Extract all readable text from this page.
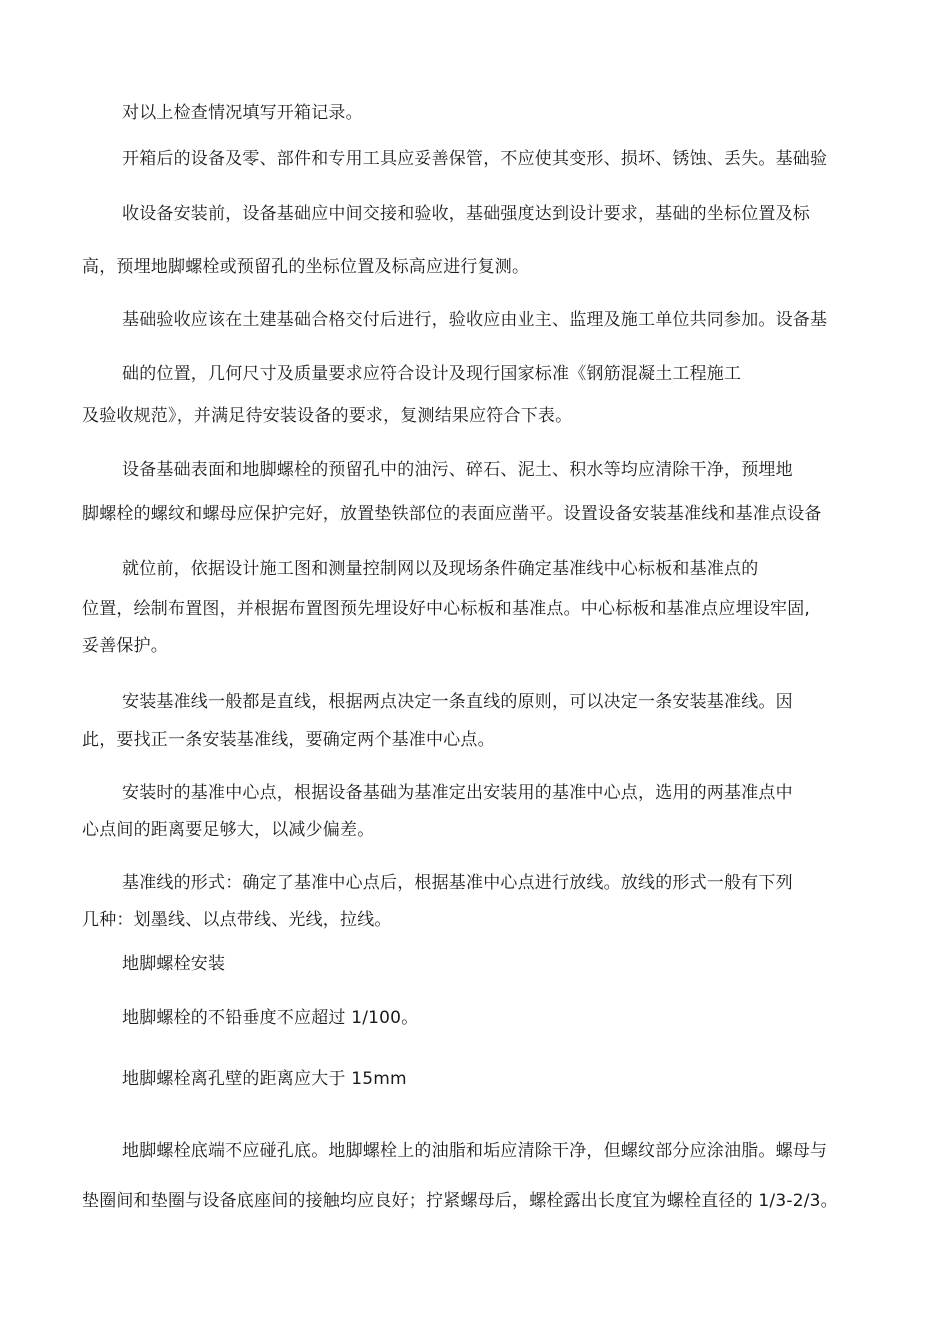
对以上检查情况填写开箱记录。
开箱后的设备及零、部件和专用工具应妥善保管，不应使其变形、损坏、锈蚀、丢失。基础验
收设备安装前，设备基础应中间交接和验收，基础强度达到设计要求，基础的坐标位置及标
高，预埋地脚螺栓或预留孔的坐标位置及标高应进行复测。
基础验收应该在土建基础合格交付后进行，验收应由业主、监理及施工单位共同参加。设备基
础的位置，几何尺寸及质量要求应符合设计及现行国家标准《钢筋混凝土工程施工
及验收规范》，并满足待安装设备的要求，复测结果应符合下表。
设备基础表面和地脚螺栓的预留孔中的油污、碎石、泥土、积水等均应清除干净，预埋地
脚螺栓的螺纹和螺母应保护完好，放置垫铁部位的表面应凿平。设置设备安装基准线和基准点设备
就位前，依据设计施工图和测量控制网以及现场条件确定基准线中心标板和基准点的
位置，绘制布置图，并根据布置图预先埋设好中心标板和基准点。中心标板和基准点应埋设牢固,
妥善保护。
安装基准线一般都是直线，根据两点决定一条直线的原则，可以决定一条安装基准线。因
此，要找正一条安装基准线，要确定两个基准中心点。
安装时的基准中心点，根据设备基础为基准定出安装用的基准中心点，选用的两基准点中
心点间的距离要足够大，以减少偏差。
基准线的形式：确定了基准中心点后，根据基准中心点进行放线。放线的形式一般有下列
几种：划墨线、以点带线、光线，拉线。
地脚螺栓安装
地脚螺栓的不铅垂度不应超过 1/100。
地脚螺栓离孔壁的距离应大于 15mm
地脚螺栓底端不应碰孔底。地脚螺栓上的油脂和垢应清除干净，但螺纹部分应涂油脂。螺母与
垫圈间和垫圈与设备底座间的接触均应良好；拧紧螺母后，螺栓露出长度宜为螺栓直径的 1/3-2/3。
